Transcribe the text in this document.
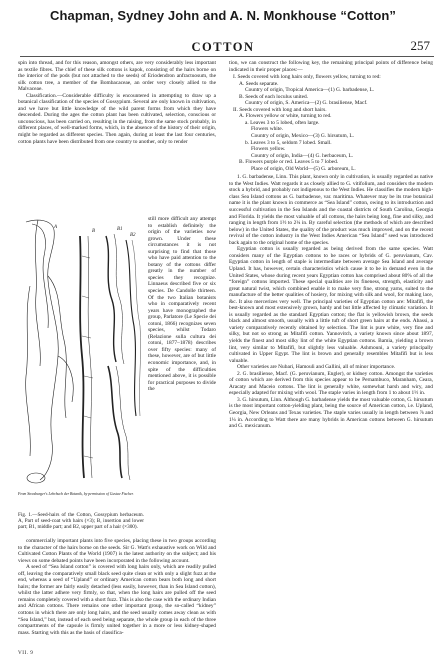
Chapman, Sydney John and A. N. Monkhouse “Cotton”
COTTON	257

spin into thread, and for this reason, amongst others, are very considerably less important as textile fibres. The chief of these silk cottons is kapok, consisting of the hairs borne on the interior of the pods (but not attached to the seeds) of Eriodendron anfractuosum, the silk cotton tree, a member of the Bombacaceae, an order very closely allied to the Malvaceae.

Classification.—Considerable difficulty is encountered in attempting to draw up a botanical classification of the species of Gossypium. Several are only known in cultivation, and we have but little knowledge of the wild parent forms from which they have descended. During the ages the cotton plant has been cultivated, selection, conscious or unconscious, has been carried on, resulting in the raising, from the same stock probably, in different places, of well-marked forms, which, in the absence of the history of their origin, might be regarded as different species. Then again, during at least the last four centuries, cotton plants have been distributed from one country to another, only to render

A
B	B1
B2
From Strasburger's Lehrbuch der Botanik, by permission of Gustav Fischer.
Fig. 1.—Seed-hairs of the Cotton, Gossypium herbaceum. A, Part of seed-coat with hairs (×3); B, insertion and lower part; B1, middle part; and B2, upper part of a hair (×300).
still more difficult any attempt to establish definitely the origin of the varieties now grown. Under these circumstances it is not surprising to find that those who have paid attention to the botany of the cottons differ greatly in the number of species they recognize. Linnaeus described five or six species. De Candolle thirteen. Of the two Italian botanists who in comparatively recent years have monographed the group, Parlatore (Le Specie dei cotoni, 1866) recognizes seven species, whilst Todaro (Relazione sulla cultura dei cotoni, 1877–1878) describes over fifty species: many of these, however, are of but little economic importance, and, in spite of the difficulties mentioned above, it is possible for practical purposes to divide the

commercially important plants into five species, placing these in two groups according to the character of the hairs borne on the seeds. Sir G. Watt's exhaustive work on Wild and Cultivated Cotton Plants of the World (1907) is the latest authority on the subject; and his views on some debated points have been incorporated in the following account.

A seed of “Sea Island cotton” is covered with long hairs only, which are readily pulled off, leaving the comparatively small black seed quite clean or with only a slight fuzz at the end, whereas a seed of “Upland” or ordinary American cotton bears both long and short hairs; the former are fairly easily detached (less easily, however, than in Sea Island cotton), whilst the latter adhere very firmly, so that, when the long hairs are pulled off the seed remains completely covered with a short fuzz. This is also the case with the ordinary Indian and African cottons. There remains one other important group, the so-called “kidney” cottons in which there are only long hairs, and the seed usually comes away clean as with “Sea Island,” but, instead of each seed being separate, the whole group in each of the three compartments of the capsule is firmly united together in a more or less kidney-shaped mass. Starting with this as the basis of classifica-

VII. 9

tion, we can construct the following key, the remaining principal points of difference being indicated in their proper places:—

I. Seeds covered with long hairs only, flowers yellow, turning to red:
A. Seeds separate.
Country of origin, Tropical America—(1) G. barbadense, L.
B. Seeds of each loculus united.
Country of origin, S. America—(2) G. brasiliense, Macf.
II. Seeds covered with long and short hairs.
A. Flowers yellow or white, turning to red.
a. Leaves 3 to 5 lobed, often large.
Flowers white.
Country of origin, Mexico—(3) G. hirsutum, L.
b. Leaves 3 to 5, seldom 7 lobed. Small.
Flowers yellow.
Country of origin, India—(4) G. herbaceum, L.
B. Flowers purple or red. Leaves 5 to 7 lobed.
Place of origin, Old World—(5) G. arboreum, L.

1. G. barbadense, Linn. This plant, known only in cultivation, is usually regarded as native to the West Indies. Watt regards it as closely allied to G. vitifolium, and considers the modern stock a hybrid, and probably not indigenous to the West Indies. He classifies the modern high-class Sea Island cottons as G. barbadense, var. maritima. Whatever may be its true botanical name it is the plant known in commerce as “Sea Island” cotton, owing to its introduction and successful cultivation in the Sea Islands and the coastal districts of South Carolina, Georgia and Florida. It yields the most valuable of all cottons, the hairs being long, fine and silky, and ranging in length from 1½ to 2¼ in. By careful selection (the methods of which are described below) in the United States, the quality of the product was much improved, and on the recent revival of the cotton industry in the West Indies American “Sea Island” seed was introduced back again to the original home of the species.

Egyptian cotton is usually regarded as being derived from the same species. Watt considers many of the Egyptian cottons to be races or hybrids of G. peruvianum, Cav. Egyptian cotton in length of staple is intermediate between average Sea Island and average Upland. It has, however, certain characteristics which cause it to be in demand even in the United States, whose during recent years Egyptian cotton has comprised about 80% of all the “foreign” cottons imported. These special qualities are its fineness, strength, elasticity and great natural twist, which combined enable it to make very fine, strong yarns, suited to the manufacture of the better qualities of hosiery, for mixing with silk and wool, for making lace, &c. It also mercerizes very well. The principal varieties of Egyptian cotton are: Mitafifi, the best-known and most extensively grown, hardy and but little affected by climatic variation. It is usually regarded as the standard Egyptian cotton; the flat is yellowish brown, the seeds black and almost smooth, usually with a little tuft of short green hairs at the ends. Abassi, a variety comparatively recently obtained by selection. The lint is pure white, very fine and silky, but not so strong as Mitafifi cotton. Yannovitch, a variety known since about 1897, yields the finest and most silky lint of the white Egyptian cottons. Bamia, yielding a brown lint, very similar to Mitafifi, but slightly less valuable. Ashmouni, a variety principally cultivated in Upper Egypt. The lint is brown and generally resembles Mitafifi but is less valuable.

Other varieties are Nubari, Hamouli and Gallini, all of minor importance.

2. G. brasiliense, Macf. (G. peruvianum, Engler), or kidney cotton. Amongst the varieties of cotton which are derived from this species appear to be Pernambuco, Maranham, Ceara, Aracaty and Maceio cottons. The lint is generally white, somewhat harsh and wiry, and especially adapted for mixing with wool. The staple varies in length from 1 to about 1½ in.

3. G. hirsutum, Linn. Although G. barbadense yields the most valuable cotton, G. hirsutum is the most important cotton-yielding plant, being the source of American cotton, i.e. Upland, Georgia, New Orleans and Texas varieties. The staple varies usually in length between ⅞ and 1¼ in. According to Watt there are many hybrids in American cottons between G. hirsutum and G. mexicanum.
